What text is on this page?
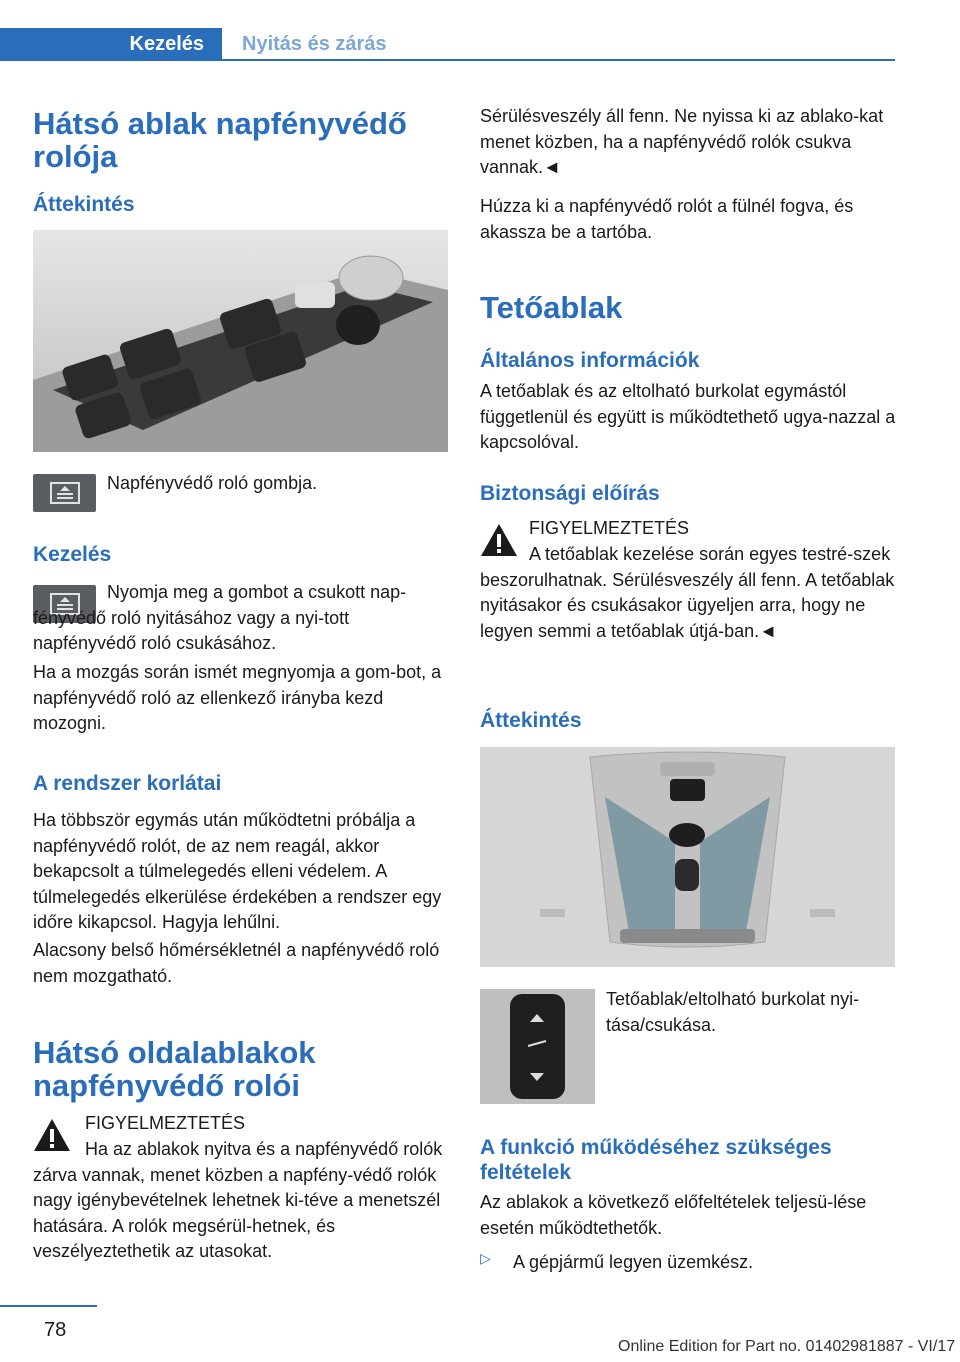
Kezelés	Nyitás és zárás
Hátsó ablak napfényvédő rolója
Áttekintés
Napfényvédő roló gombja.
Kezelés
Nyomja meg a gombot a csukott nap-fényvédő roló nyitásához vagy a nyi-tott napfényvédő roló csukásához.
Ha a mozgás során ismét megnyomja a gom-bot, a napfényvédő roló az ellenkező irányba kezd mozogni.
A rendszer korlátai
Ha többször egymás után működtetni próbálja a napfényvédő rolót, de az nem reagál, akkor bekapcsolt a túlmelegedés elleni védelem. A túlmelegedés elkerülése érdekében a rendszer egy időre kikapcsol. Hagyja lehűlni.
Alacsony belső hőmérsékletnél a napfényvédő roló nem mozgatható.
Hátsó oldalablakok napfényvédő rolói
FIGYELMEZTETÉS
Ha az ablakok nyitva és a napfényvédő rolók zárva vannak, menet közben a napfény-védő rolók nagy igénybevételnek lehetnek ki-téve a menetszél hatására. A rolók megsérül-hetnek, és veszélyeztethetik az utasokat.
Sérülésveszély áll fenn. Ne nyissa ki az ablako-kat menet közben, ha a napfényvédő rolók csukva vannak.◄
Húzza ki a napfényvédő rolót a fülnél fogva, és akassza be a tartóba.
Tetőablak
Általános információk
A tetőablak és az eltolható burkolat egymástól függetlenül és együtt is működtethető ugya-nazzal a kapcsolóval.
Biztonsági előírás
FIGYELMEZTETÉS
A tetőablak kezelése során egyes testré-szek beszorulhatnak. Sérülésveszély áll fenn. A tetőablak nyitásakor és csukásakor ügyeljen arra, hogy ne legyen semmi a tetőablak útjá-ban.◄
Áttekintés
Tetőablak/eltolható burkolat nyi-tása/csukása.
A funkció működéséhez szükséges feltételek
Az ablakok a következő előfeltételek teljesü-lése esetén működtethetők.
▷ A gépjármű legyen üzemkész.
78
Online Edition for Part no. 01402981887 - VI/17
